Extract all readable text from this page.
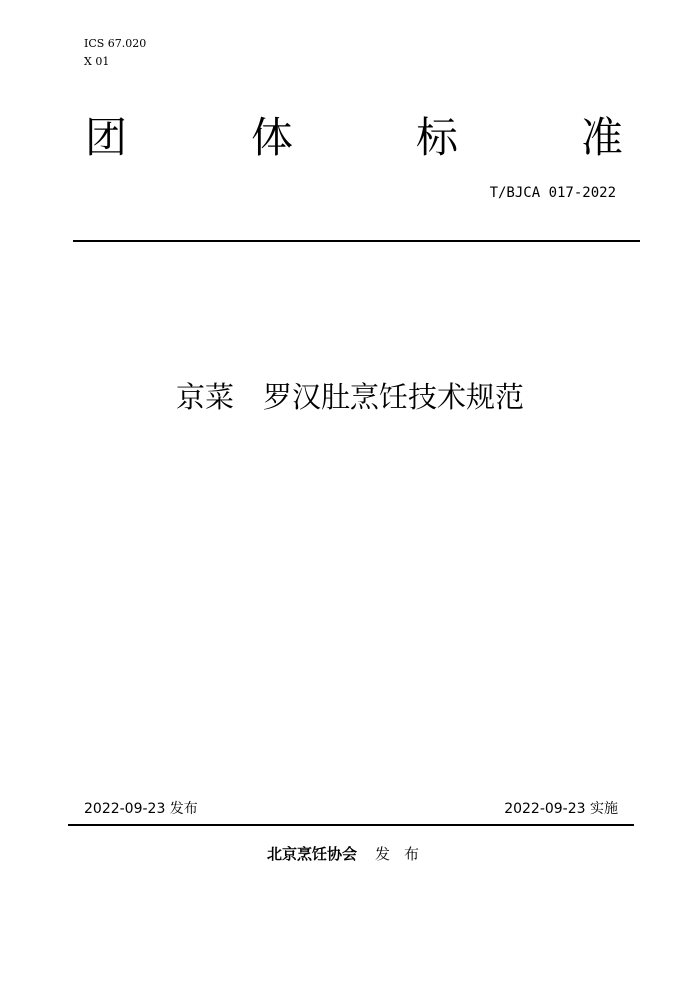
ICS 67.020
X 01
团	体	标	准
T/BJCA 017-2022
京菜　罗汉肚烹饪技术规范
2022-09-23 发布	2022-09-23 实施
北京烹饪协会 发布
